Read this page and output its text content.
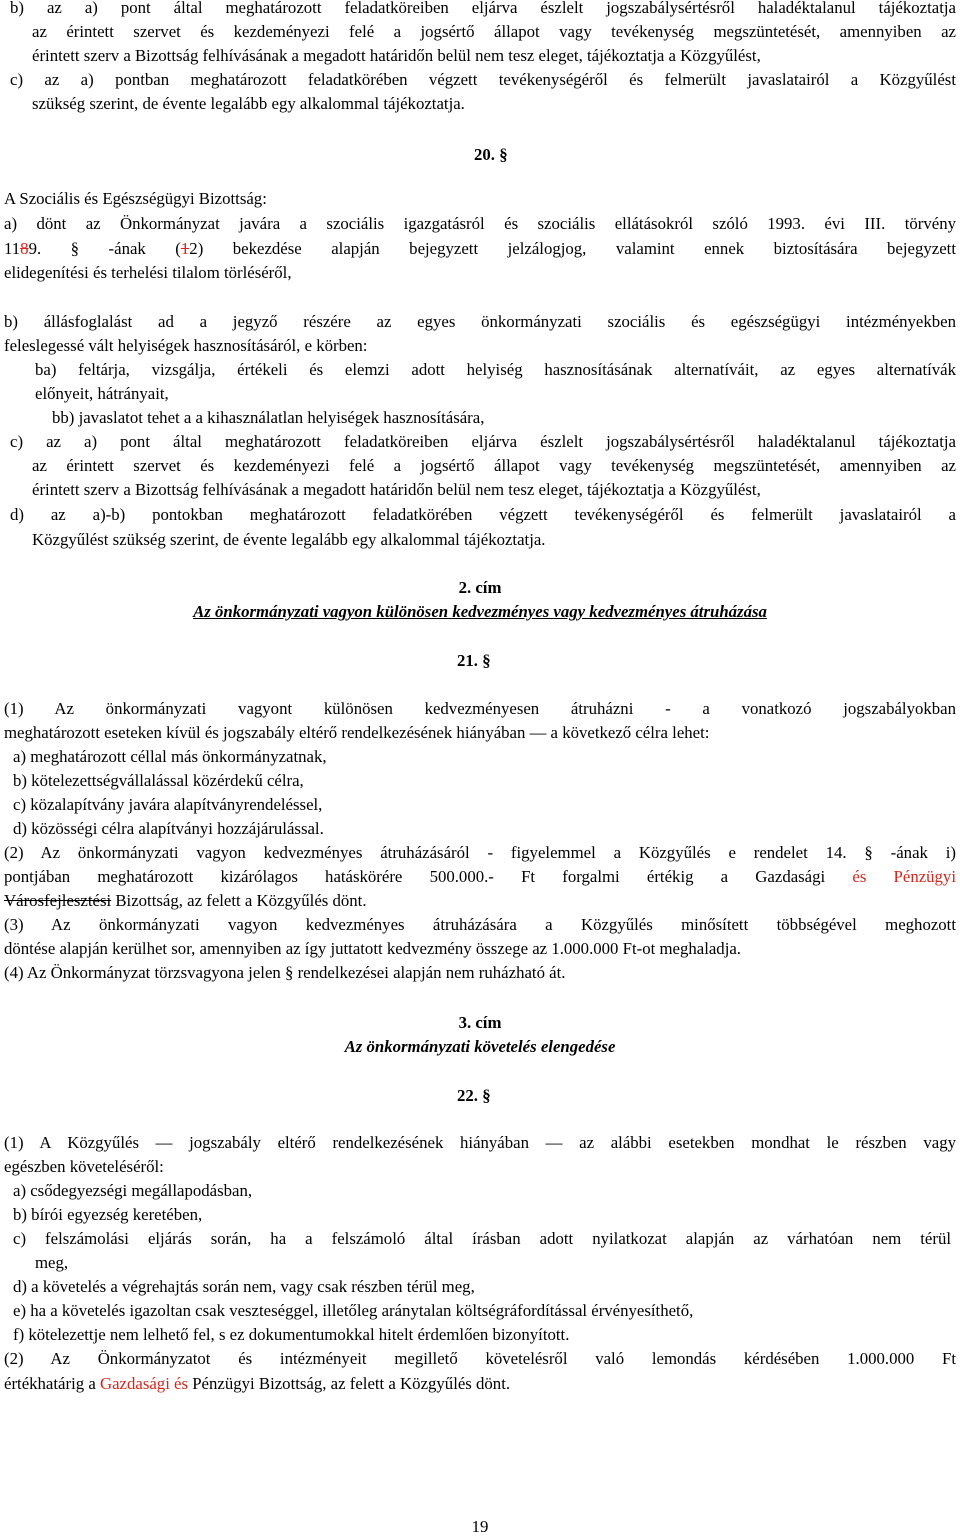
b) az a) pont által meghatározott feladatköreiben eljárva észlelt jogszabálysértésről haladéktalanul tájékoztatja
az érintett szervet és kezdeményezi felé a jogsértő állapot vagy tevékenység megszüntetését, amennyiben az
érintett szerv a Bizottság felhívásának a megadott határidőn belül nem tesz eleget, tájékoztatja a Közgyűlést,
c) az a) pontban meghatározott feladatkörében végzett tevékenységéről és felmerült javaslatairól a Közgyűlést
szükség szerint, de évente legalább egy alkalommal tájékoztatja.
20. §
A Szociális és Egészségügyi Bizottság:
a) dönt az Önkormányzat javára a szociális igazgatásról és szociális ellátásokról szóló 1993. évi III. törvény
1189. § -ának (12) bekezdése alapján bejegyzett jelzálogjog, valamint ennek biztosítására bejegyzett
elidegenítési és terhelési tilalom törléséről,
b) állásfoglalást ad a jegyző részére az egyes önkormányzati szociális és egészségügyi intézményekben
feleslegessé vált helyiségek hasznosításáról, e körben:
ba) feltárja, vizsgálja, értékeli és elemzi adott helyiség hasznosításának alternatíváit, az egyes alternatívák
előnyeit, hátrányait,
bb) javaslatot tehet a a kihasználatlan helyiségek hasznosítására,
c) az a) pont által meghatározott feladatköreiben eljárva észlelt jogszabálysértésről haladéktalanul tájékoztatja
az érintett szervet és kezdeményezi felé a jogsértő állapot vagy tevékenység megszüntetését, amennyiben az
érintett szerv a Bizottság felhívásának a megadott határidőn belül nem tesz eleget, tájékoztatja a Közgyűlést,
d) az a)-b) pontokban meghatározott feladatkörében végzett tevékenységéről és felmerült javaslatairól a
Közgyűlést szükség szerint, de évente legalább egy alkalommal tájékoztatja.
2. cím
Az önkormányzati vagyon különösen kedvezményes vagy kedvezményes átruházása
21. §
(1) Az önkormányzati vagyont különösen kedvezményesen átruházni - a vonatkozó jogszabályokban
meghatározott eseteken kívül és jogszabály eltérő rendelkezésének hiányában — a következő célra lehet:
a) meghatározott céllal más önkormányzatnak,
b) kötelezettségvállalással közérdekű célra,
c) közalapítvány javára alapítványrendeléssel,
d) közösségi célra alapítványi hozzájárulással.
(2) Az önkormányzati vagyon kedvezményes átruházásáról - figyelemmel a Közgyűlés e rendelet 14. § -ának i)
pontjában meghatározott kizárólagos hatáskörére 500.000.- Ft forgalmi értékig a Gazdasági és Pénzügyi
Városfejlesztési Bizottság, az felett a Közgyűlés dönt.
(3) Az önkormányzati vagyon kedvezményes átruházására a Közgyűlés minősített többségével meghozott
döntése alapján kerülhet sor, amennyiben az így juttatott kedvezmény összege az 1.000.000 Ft-ot meghaladja.
(4) Az Önkormányzat törzsvagyona jelen § rendelkezései alapján nem ruházható át.
3. cím
Az önkormányzati követelés elengedése
22. §
(1) A Közgyűlés — jogszabály eltérő rendelkezésének hiányában — az alábbi esetekben mondhat le részben vagy
egészben követeléséről:
a) csődegyezségi megállapodásban,
b) bírói egyezség keretében,
c) felszámolási eljárás során, ha a felszámoló által írásban adott nyilatkozat alapján az várhatóan nem térül
meg,
d) a követelés a végrehajtás során nem, vagy csak részben térül meg,
e) ha a követelés igazoltan csak veszteséggel, illetőleg aránytalan költségráfordítással érvényesíthető,
f) kötelezettje nem lelhető fel, s ez dokumentumokkal hitelt érdemlően bizonyított.
(2) Az Önkormányzatot és intézményeit megillető követelésről való lemondás kérdésében 1.000.000 Ft
értékhatárig a Gazdasági és Pénzügyi Bizottság, az felett a Közgyűlés dönt.
19
